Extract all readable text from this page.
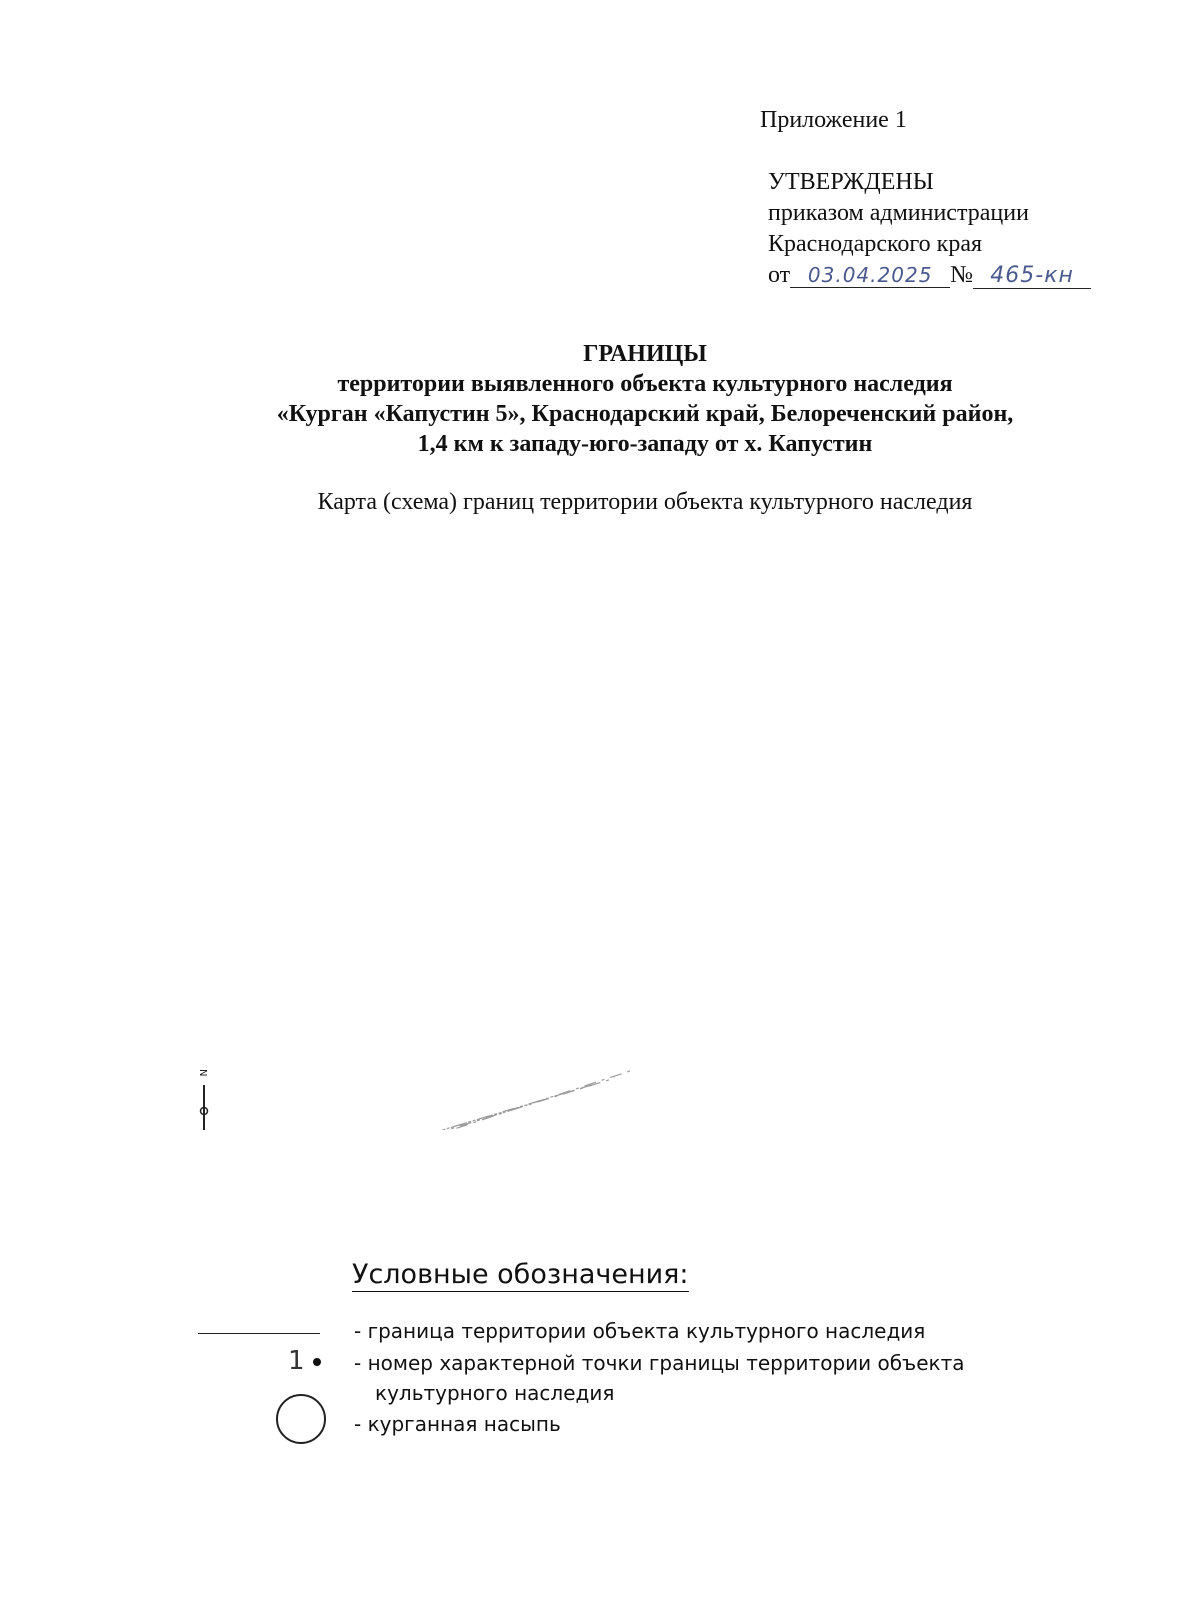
Приложение 1
УТВЕРЖДЕНЫ
приказом администрации
Краснодарского края
от 03.04.2025 № 465-кн
ГРАНИЦЫ
территории выявленного объекта культурного наследия
«Курган «Капустин 5», Краснодарский край, Белореченский район,
1,4 км к западу-юго-западу от х. Капустин
Карта (схема) границ территории объекта культурного наследия
N
Условные обозначения:
- граница территории объекта культурного наследия
1 - номер характерной точки границы территории объекта
культурного наследия
- курганная насыпь
